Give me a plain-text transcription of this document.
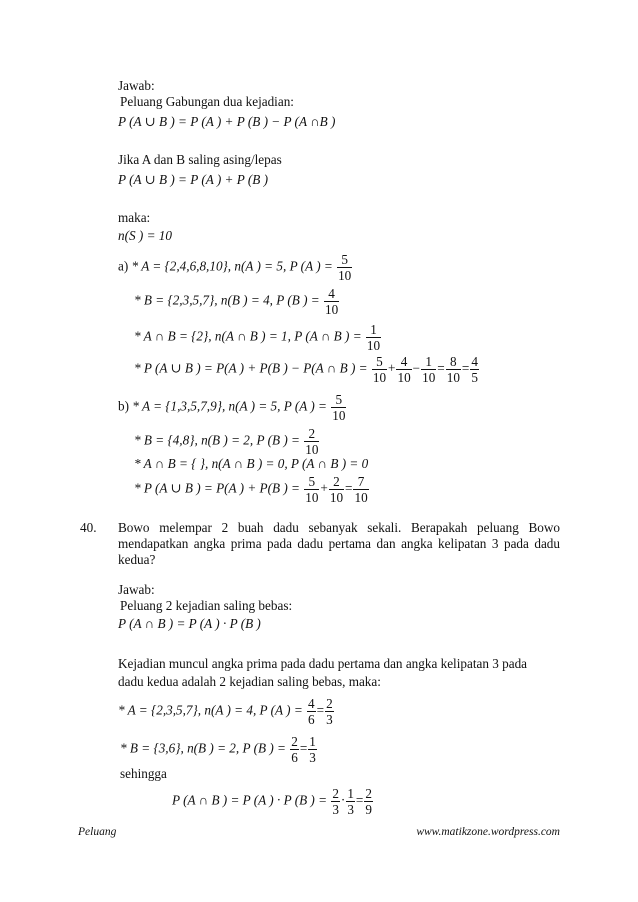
Jawab:
Peluang Gabungan dua kejadian:
P (A ∪ B ) = P (A ) + P (B ) − P (A ∩B )
Jika A dan B saling asing/lepas
P (A ∪ B ) = P (A ) + P (B )
maka:
n(S ) = 10
a) * A = {2,4,6,8,10}, n(A ) = 5, P (A ) = $\frac{5}{10}$
* B = {2,3,5,7}, n(B ) = 4, P (B ) = $\frac{4}{10}$
* A ∩ B = {2}, n(A ∩ B ) = 1, P (A ∩ B ) = $\frac{1}{10}$
* P (A ∪ B ) = P(A ) + P(B ) − P(A ∩ B ) = $\frac{5}{10} + \frac{4}{10} - \frac{1}{10} = \frac{8}{10} = \frac{4}{5}$
b) * A = {1,3,5,7,9}, n(A ) = 5, P (A ) = $\frac{5}{10}$
* B = {4,8}, n(B ) = 2, P (B ) = $\frac{2}{10}$
* A ∩ B = { }, n(A ∩ B ) = 0, P (A ∩ B ) = 0
* P (A ∪ B ) = P(A ) + P(B ) = $\frac{5}{10} + \frac{2}{10} = \frac{7}{10}$
40. Bowo melempar 2 buah dadu sebanyak sekali. Berapakah peluang Bowo mendapatkan angka prima pada dadu pertama dan angka kelipatan 3 pada dadu kedua?
Jawab:
Peluang 2 kejadian saling bebas:
P (A ∩ B ) = P (A ) · P (B )
Kejadian muncul angka prima pada dadu pertama dan angka kelipatan 3 pada
dadu kedua adalah 2 kejadian saling bebas, maka:
* A = {2,3,5,7}, n(A ) = 4, P (A ) = $\frac{4}{6} = \frac{2}{3}$
* B = {3,6}, n(B ) = 2, P (B ) = $\frac{2}{6} = \frac{1}{3}$
sehingga
P (A ∩ B ) = P (A ) · P (B ) = $\frac{2}{3} \cdot \frac{1}{3} = \frac{2}{9}$
Peluang	www.matikzone.wordpress.com
